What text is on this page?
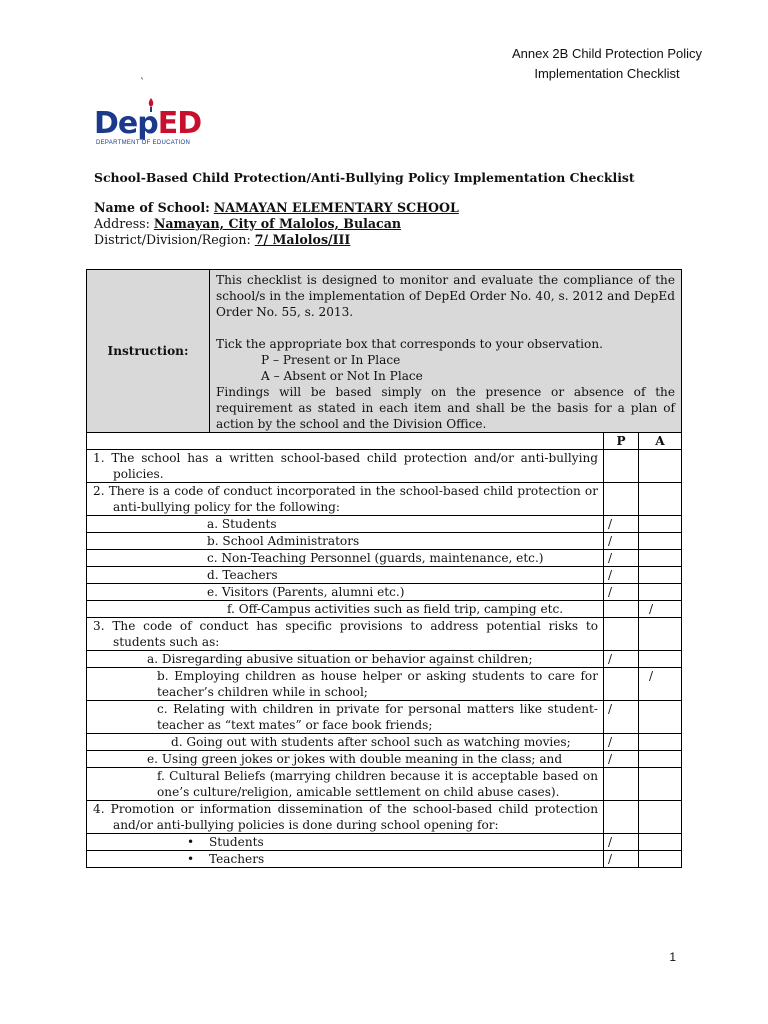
Annex 2B Child Protection Policy
Implementation Checklist
`
DepED
DEPARTMENT OF EDUCATION
School-Based Child Protection/Anti-Bullying Policy Implementation Checklist
Name of School: NAMAYAN ELEMENTARY SCHOOL
Address: Namayan, City of Malolos, Bulacan
District/Division/Region: 7/ Malolos/III
Instruction:	This checklist is designed to monitor and evaluate the compliance of the school/s in the implementation of DepEd Order No. 40, s. 2012 and DepEd Order No. 55, s. 2013.

Tick the appropriate box that corresponds to your observation.

P – Present or In Place
A – Absent or Not In Place

Findings will be based simply on the presence or absence of the requirement as stated in each item and shall be the basis for a plan of action by the school and the Division Office.		

		P	A
1. The school has a written school-based child protection and/or anti-bullying policies.			
2. There is a code of conduct incorporated in the school-based child protection or anti-bullying policy for the following:			
a. Students		/	
b. School Administrators		/	
c. Non-Teaching Personnel (guards, maintenance, etc.)		/	
d. Teachers		/	
e. Visitors (Parents, alumni etc.)		/	
f. Off-Campus activities such as field trip, camping etc.			/
3. The code of conduct has specific provisions to address potential risks to students such as:			
a. Disregarding abusive situation or behavior against children;		/	
b. Employing children as house helper or asking students to care for teacher’s children while in school;			/
c. Relating with children in private for personal matters like student-teacher as “text mates” or face book friends;		/	
d. Going out with students after school such as watching movies;		/	
e. Using green jokes or jokes with double meaning in the class; and		/	
f. Cultural Beliefs (marrying children because it is acceptable based on one’s culture/religion, amicable settlement on child abuse cases).			
4. Promotion or information dissemination of the school-based child protection and/or anti-bullying policies is done during school opening for:			
• Students		/	
• Teachers		/	
1
